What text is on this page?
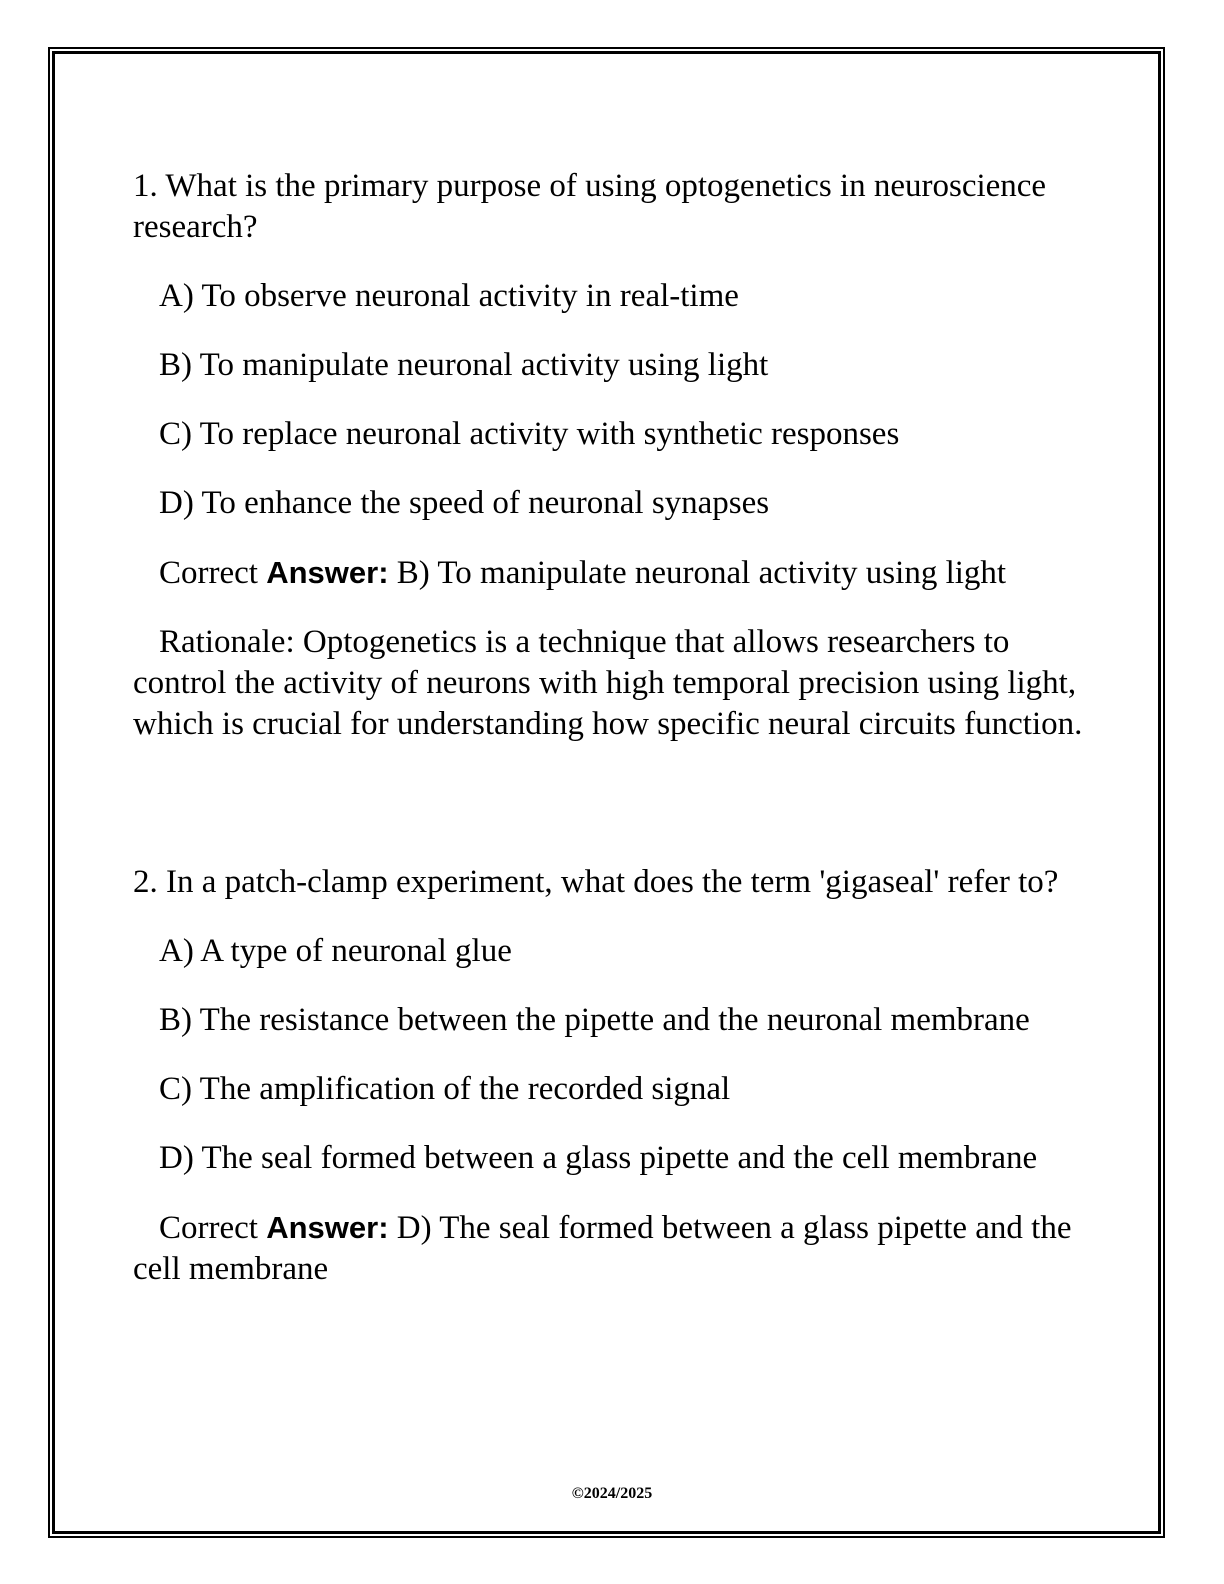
1. What is the primary purpose of using optogenetics in neuroscience research?

A) To observe neuronal activity in real-time

B) To manipulate neuronal activity using light

C) To replace neuronal activity with synthetic responses

D) To enhance the speed of neuronal synapses

Correct Answer: B) To manipulate neuronal activity using light

Rationale: Optogenetics is a technique that allows researchers to control the activity of neurons with high temporal precision using light, which is crucial for understanding how specific neural circuits function.

2. In a patch-clamp experiment, what does the term 'gigaseal' refer to?

A) A type of neuronal glue

B) The resistance between the pipette and the neuronal membrane

C) The amplification of the recorded signal

D) The seal formed between a glass pipette and the cell membrane

Correct Answer: D) The seal formed between a glass pipette and the cell membrane

©2024/2025
